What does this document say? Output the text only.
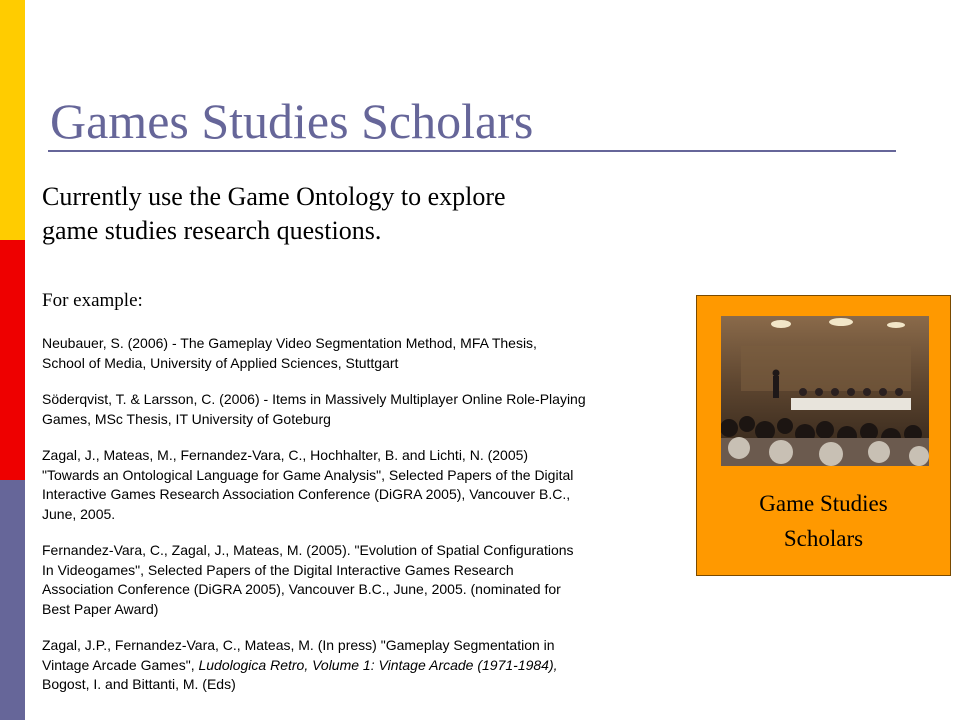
Games Studies Scholars
Currently use the Game Ontology to explore
game studies research questions.
For example:
Neubauer, S. (2006) - The Gameplay Video Segmentation Method, MFA Thesis,
School of Media, University of Applied Sciences, Stuttgart
Söderqvist, T. & Larsson, C. (2006) - Items in Massively Multiplayer Online Role-Playing
Games, MSc Thesis, IT University of Goteburg
Zagal, J., Mateas, M., Fernandez-Vara, C., Hochhalter, B. and Lichti, N. (2005)
"Towards an Ontological Language for Game Analysis", Selected Papers of the Digital
Interactive Games Research Association Conference (DiGRA 2005), Vancouver B.C.,
June, 2005.
Fernandez-Vara, C., Zagal, J., Mateas, M. (2005). "Evolution of Spatial Configurations
In Videogames", Selected Papers of the Digital Interactive Games Research
Association Conference (DiGRA 2005), Vancouver B.C., June, 2005. (nominated for
Best Paper Award)
Zagal, J.P., Fernandez-Vara, C., Mateas, M. (In press) "Gameplay Segmentation in
Vintage Arcade Games", Ludologica Retro, Volume 1: Vintage Arcade (1971-1984),
Bogost, I. and Bittanti, M. (Eds)
Game Studies
Scholars
